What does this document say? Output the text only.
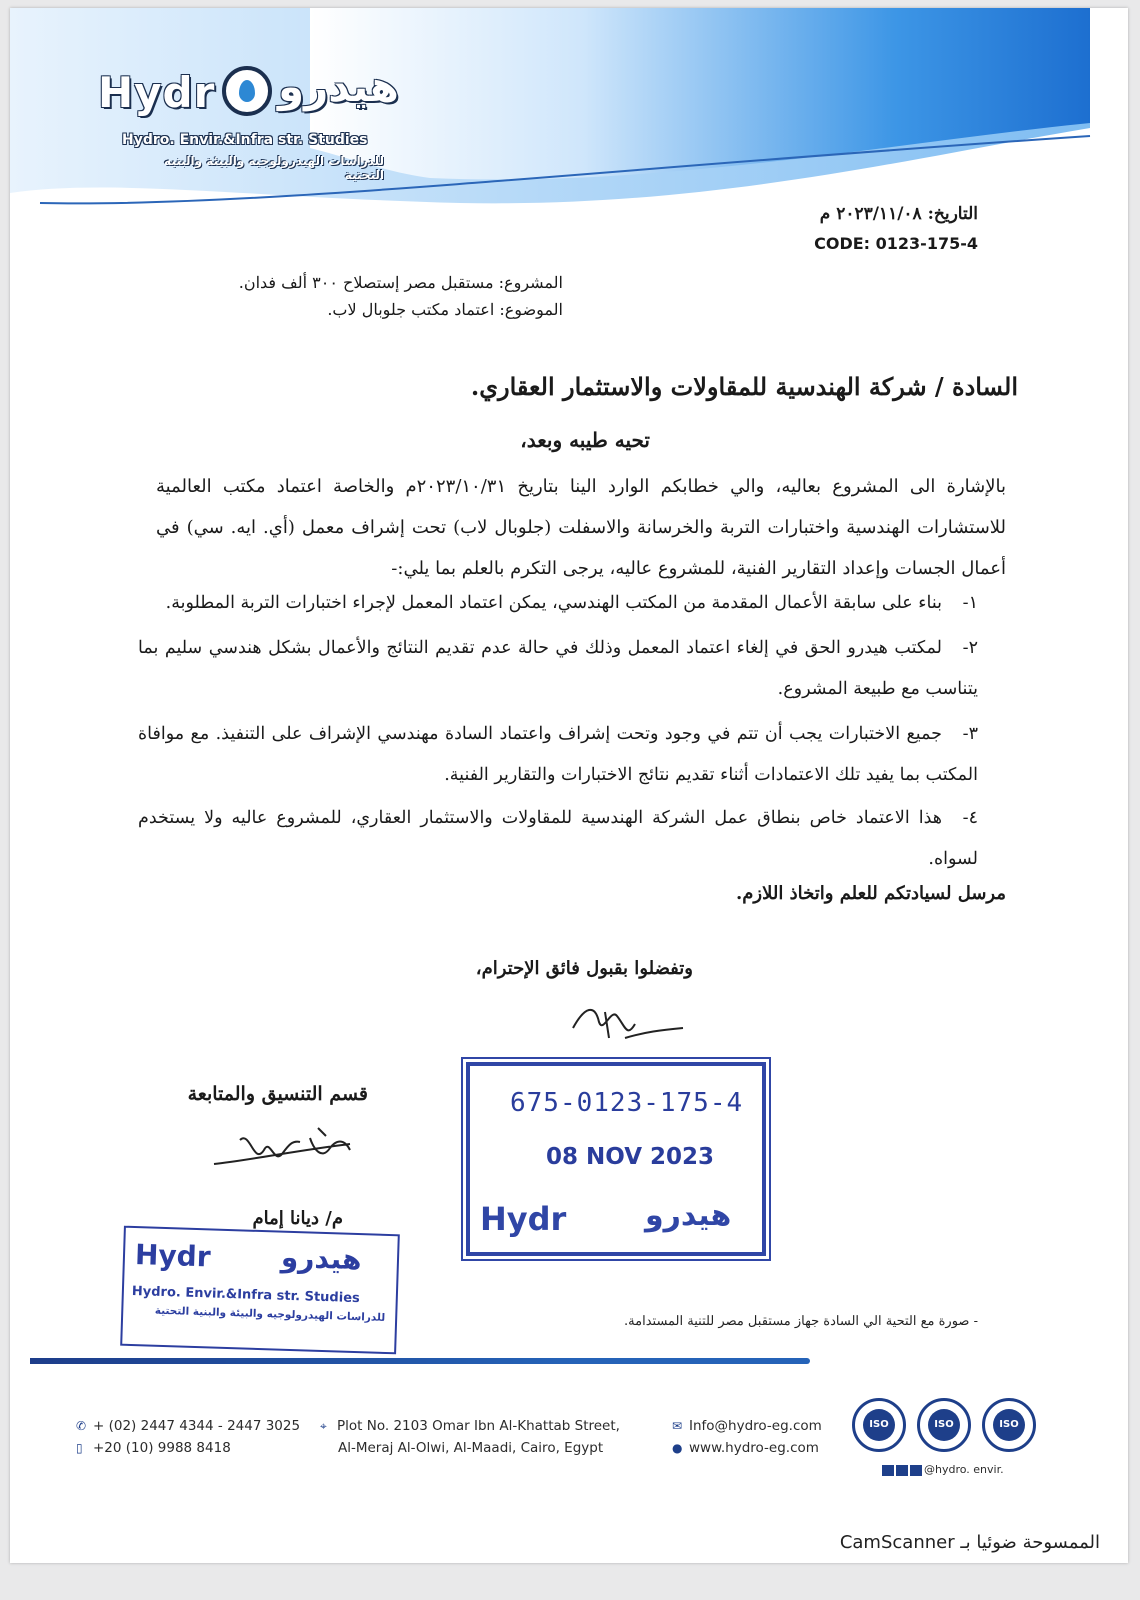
Hydr هيدرو
Hydro. Envir.&Infra str. Studies
للدراسات الهيدرولوجيه والبيئة والبنيه التحتية
التاريخ: ٢٠٢٣/١١/٠٨ م
CODE: 0123-175-4
المشروع: مستقبل مصر إستصلاح ٣٠٠ ألف فدان.
الموضوع: اعتماد مكتب جلوبال لاب.
السادة / شركة الهندسية للمقاولات والاستثمار العقاري.
تحيه طيبه وبعد،
بالإشارة الى المشروع بعاليه، والي خطابكم الوارد الينا بتاريخ ٢٠٢٣/١٠/٣١م والخاصة اعتماد مكتب العالمية للاستشارات الهندسية واختبارات التربة والخرسانة والاسفلت (جلوبال لاب) تحت إشراف معمل (أي. ايه. سي) في أعمال الجسات وإعداد التقارير الفنية، للمشروع عاليه، يرجى التكرم بالعلم بما يلي:-
١-بناء على سابقة الأعمال المقدمة من المكتب الهندسي، يمكن اعتماد المعمل لإجراء اختبارات التربة المطلوبة.
٢-لمكتب هيدرو الحق في إلغاء اعتماد المعمل وذلك في حالة عدم تقديم النتائج والأعمال بشكل هندسي سليم بما يتناسب مع طبيعة المشروع.
٣-جميع الاختبارات يجب أن تتم في وجود وتحت إشراف واعتماد السادة مهندسي الإشراف على التنفيذ. مع موافاة المكتب بما يفيد تلك الاعتمادات أثناء تقديم نتائج الاختبارات والتقارير الفنية.
٤-هذا الاعتماد خاص بنطاق عمل الشركة الهندسية للمقاولات والاستثمار العقاري، للمشروع عاليه ولا يستخدم لسواه.
مرسل لسيادتكم للعلم واتخاذ اللازم.
وتفضلوا بقبول فائق الإحترام،
قسم التنسيق والمتابعة
م/ ديانا إمام
675-0123-175-4
08 NOV 2023
Hydr	هيدرو
Hydr هيدرو
Hydro. Envir.&Infra str. Studies
للدراسات الهيدرولوجيه والبيئة والبنية التحتية	- صورة مع التحية الي السادة جهاز مستقبل مصر للتنية المستدامة.
✆ + (02) 2447 4344 - 2447 3025
▯ +20 (10) 9988 8418
⌖ Plot No. 2103 Omar Ibn Al-Khattab Street,
Al-Meraj Al-Olwi, Al-Maadi, Cairo, Egypt
✉ Info@hydro-eg.com
● www.hydro-eg.com
ISO	ISO	ISO
@hydro. envir.
الممسوحة ضوئيا بـ CamScanner
